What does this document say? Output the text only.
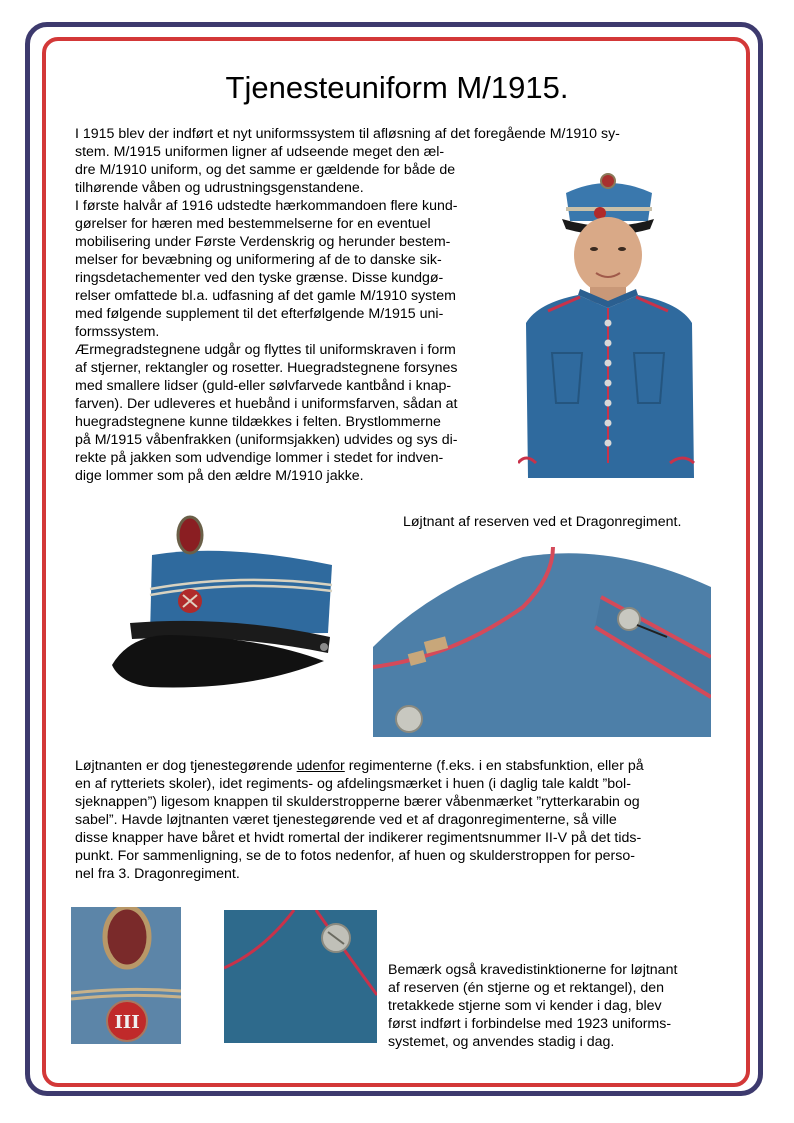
Tjenesteuniform M/1915.

I 1915 blev der indført et nyt uniformssystem til afløsning af det foregående M/1910 sy-

stem. M/1915 uniformen ligner af udseende meget den æl-

dre M/1910 uniform, og det samme er gældende for både de

tilhørende våben og udrustningsgenstandene.

I første halvår af 1916 udstedte hærkommandoen flere kund-

gørelser for hæren med bestemmelserne for en eventuel

mobilisering under Første Verdenskrig og herunder bestem-

melser for bevæbning og uniformering af de to danske sik-

ringsdetachementer ved den tyske grænse. Disse kundgø-

relser omfattede bl.a. udfasning af det gamle M/1910 system

med følgende supplement til det efterfølgende M/1915 uni-

formssystem.

Ærmegradstegnene udgår og flyttes til uniformskraven i form

af stjerner, rektangler og rosetter. Huegradstegnene forsynes

med smallere lidser (guld-eller sølvfarvede kantbånd i knap-

farven). Der udleveres et huebånd i uniformsfarven, sådan at

huegradstegnene kunne tildækkes i felten. Brystlommerne

på M/1915 våbenfrakken (uniformsjakken) udvides og sys di-

rekte på jakken som udvendige lommer i stedet for indven-

dige lommer som på den ældre M/1910 jakke.

Løjtnant af reserven ved et Dragonregiment.

Løjtnanten er dog tjenestegørende udenfor regimenterne (f.eks. i en stabsfunktion, eller på

en af rytteriets skoler), idet regiments- og afdelingsmærket i huen (i daglig tale kaldt ”bol-

sjeknappen”) ligesom knappen til skulderstropperne bærer våbenmærket ”rytterkarabin og

sabel”. Havde løjtnanten været tjenestegørende ved et af dragonregimenterne, så ville

disse knapper have båret et hvidt romertal der indikerer regimentsnummer II-V på det tids-

punkt. For sammenligning, se de to fotos nedenfor, af huen og skulderstroppen for perso-

nel fra 3. Dragonregiment.

III

Bemærk også kravedistinktionerne for løjtnant

af reserven (én stjerne og et rektangel), den

tretakkede stjerne som vi kender i dag, blev

først indført i forbindelse med 1923 uniforms-

systemet, og anvendes stadig i dag.
